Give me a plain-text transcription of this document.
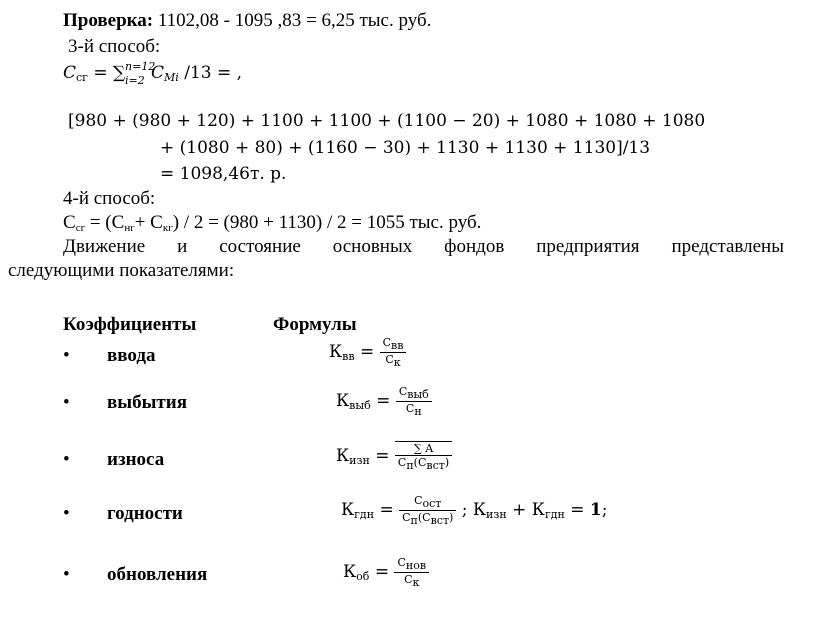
Проверка: 1102,08 - 1095 ,83 = 6,25 тыс. руб.
3-й способ:
$C_{сг}$ = ∑ n=12
i=2 $C_{Mi}$ /13 = ,
[980 + (980 + 120) + 1100 + 1100 + (1100 − 20) + 1080 + 1080 + 1080
+ (1080 + 80) + (1160 − 30) + 1130 + 1130 + 1130]/13
= 1098,46т. р.
4-й способ:
$С_{сг} = (С_{нг}+ С_{кг}) / 2 = (980 + 1130) / 2 = 1055$ тыс. руб.
Движение и состояние основных фондов предприятия представлены
следующими показателями:
Коэффициенты	Формулы
• ввода	$К_{вв} = \frac{С_{вв}}{С_к}$
• выбытия	$К_{выб} = \frac{С_{выб}}{С_н}$
• износа	$К_{изн} = \frac{\sum A}{С_п(С_{вст})}$
• годности	$К_{гдн} = \frac{С_{ост}}{С_п(С_{вст})}$ ; $К_{изн} + К_{гдн} = 1$;
• обновления	$К_{об} = \frac{С_{нов}}{С_к}$
